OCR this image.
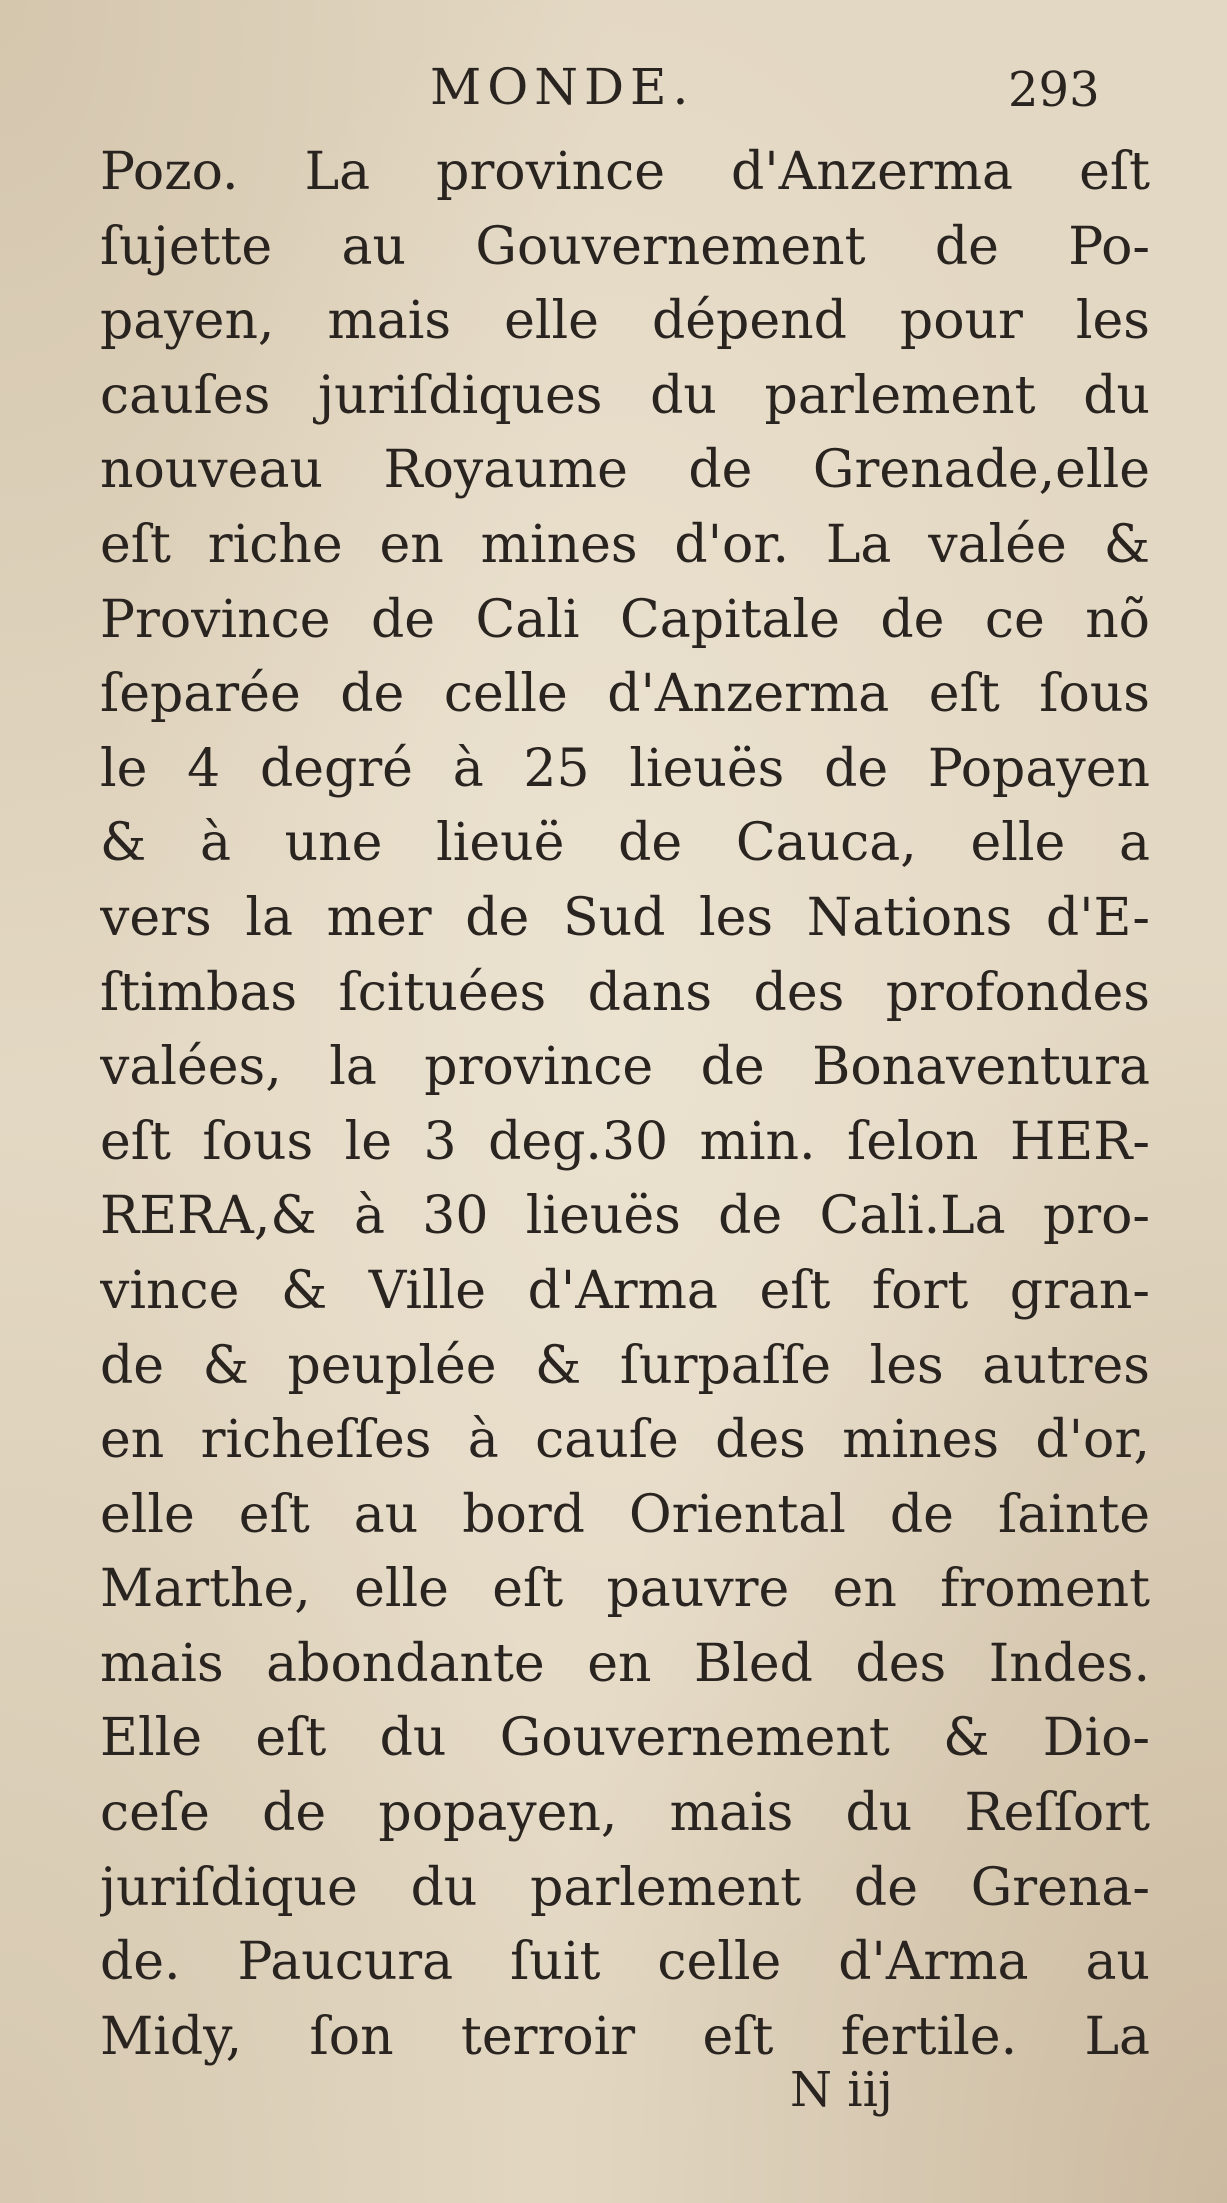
MONDE.	293
Pozo. La province d'Anzerma eſt
ſujette au Gouvernement de Po-
payen, mais elle dépend pour les
cauſes juriſdiques du parlement du
nouveau Royaume de Grenade,elle
eſt riche en mines d'or. La valée &
Province de Cali Capitale de ce nõ
ſeparée de celle d'Anzerma eſt ſous
le 4 degré à 25 lieuës de Popayen
& à une lieuë de Cauca, elle a
vers la mer de Sud les Nations d'E-
ſtimbas ſcituées dans des profondes
valées, la province de Bonaventura
eſt ſous le 3 deg.30 min. ſelon HER-
RERA,& à 30 lieuës de Cali.La pro-
vince & Ville d'Arma eſt fort gran-
de & peuplée & ſurpaſſe les autres
en richeſſes à cauſe des mines d'or,
elle eſt au bord Oriental de ſainte
Marthe, elle eſt pauvre en froment
mais abondante en Bled des Indes.
Elle eſt du Gouvernement & Dio-
ceſe de popayen, mais du Reſſort
juriſdique du parlement de Grena-
de. Paucura ſuit celle d'Arma au
Midy, ſon terroir eſt fertile. La
N iij
